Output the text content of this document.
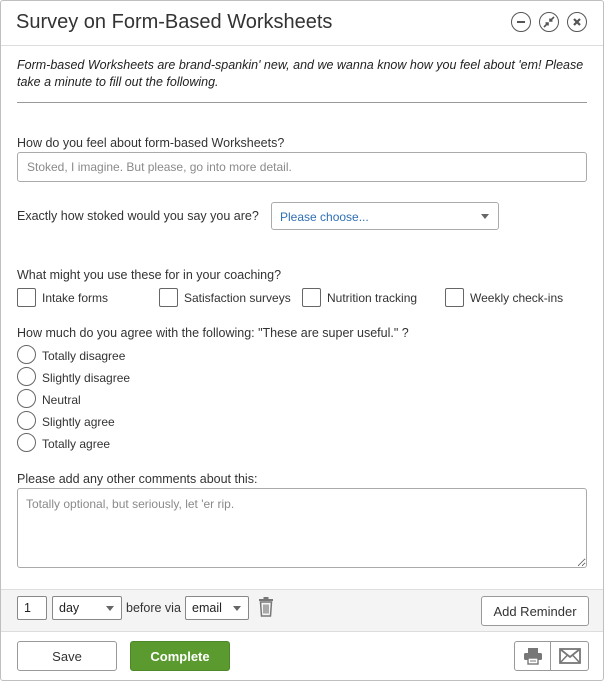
Survey on Form-Based Worksheets
Form-based Worksheets are brand-spankin' new, and we wanna know how you feel about 'em! Please take a minute to fill out the following.
How do you feel about form-based Worksheets?
Stoked, I imagine. But please, go into more detail.
Exactly how stoked would you say you are? Please choose...
What might you use these for in your coaching?
Intake forms	Satisfaction surveys	Nutrition tracking	Weekly check-ins
How much do you agree with the following: "These are super useful." ?
Totally disagree
Slightly disagree
Neutral
Slightly agree
Totally agree
Please add any other comments about this:
Totally optional, but seriously, let 'er rip.
1 day	before via email	Add Reminder
Save	Complete
